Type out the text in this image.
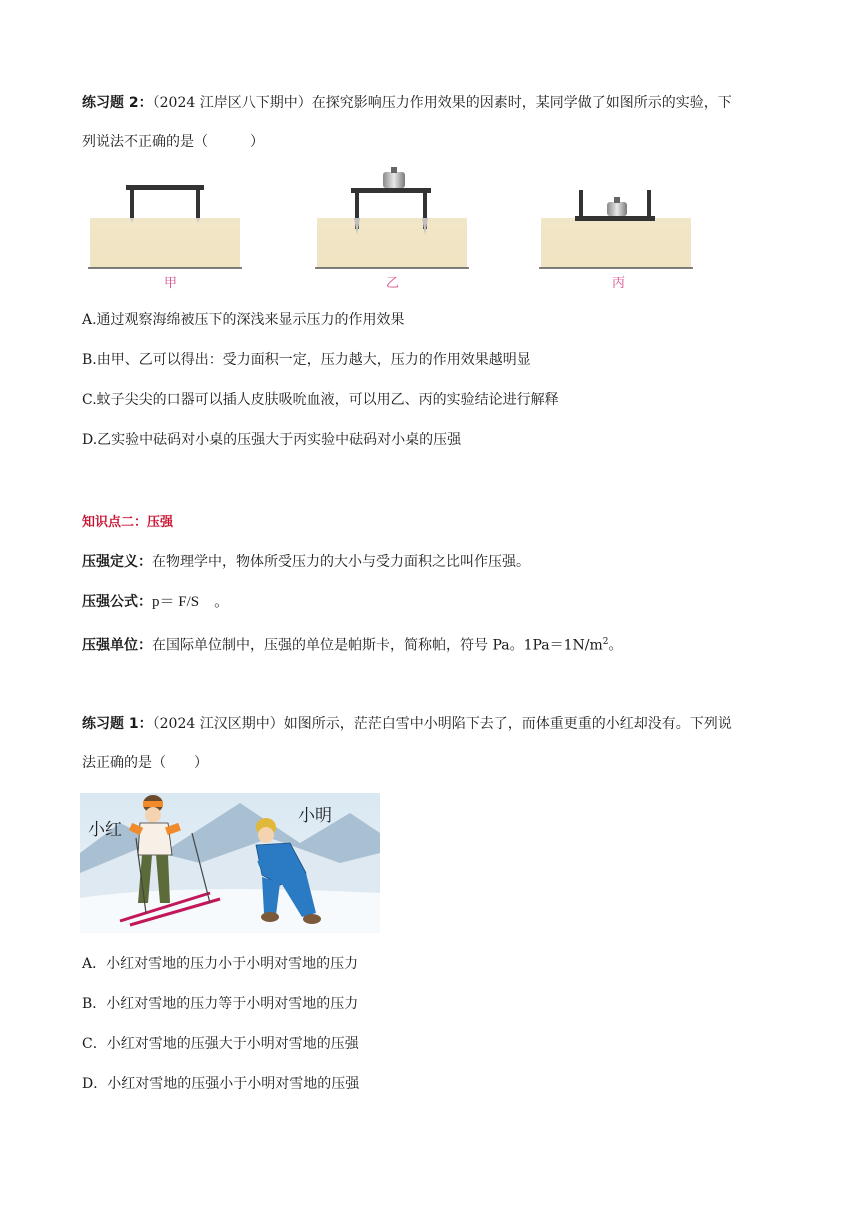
练习题 2：（2024 江岸区八下期中）在探究影响压力作用效果的因素时，某同学做了如图所示的实验，下
列说法不正确的是（　　　）
甲	乙	丙
A.通过观察海绵被压下的深浅来显示压力的作用效果
B.由甲、乙可以得出：受力面积一定，压力越大，压力的作用效果越明显
C.蚊子尖尖的口器可以插人皮肤吸吮血液，可以用乙、丙的实验结论进行解释
D.乙实验中砝码对小桌的压强大于丙实验中砝码对小桌的压强
知识点二：压强
压强定义：在物理学中，物体所受压力的大小与受力面积之比叫作压强。
压强公式：p＝ F/S　。
压强单位：在国际单位制中，压强的单位是帕斯卡，简称帕，符号 Pa。$1Pa=1N/m^2$。
练习题 1：（2024 江汉区期中）如图所示，茫茫白雪中小明陷下去了，而体重更重的小红却没有。下列说
法正确的是（　　）
小红
小明
A．小红对雪地的压力小于小明对雪地的压力
B．小红对雪地的压力等于小明对雪地的压力
C．小红对雪地的压强大于小明对雪地的压强
D．小红对雪地的压强小于小明对雪地的压强
